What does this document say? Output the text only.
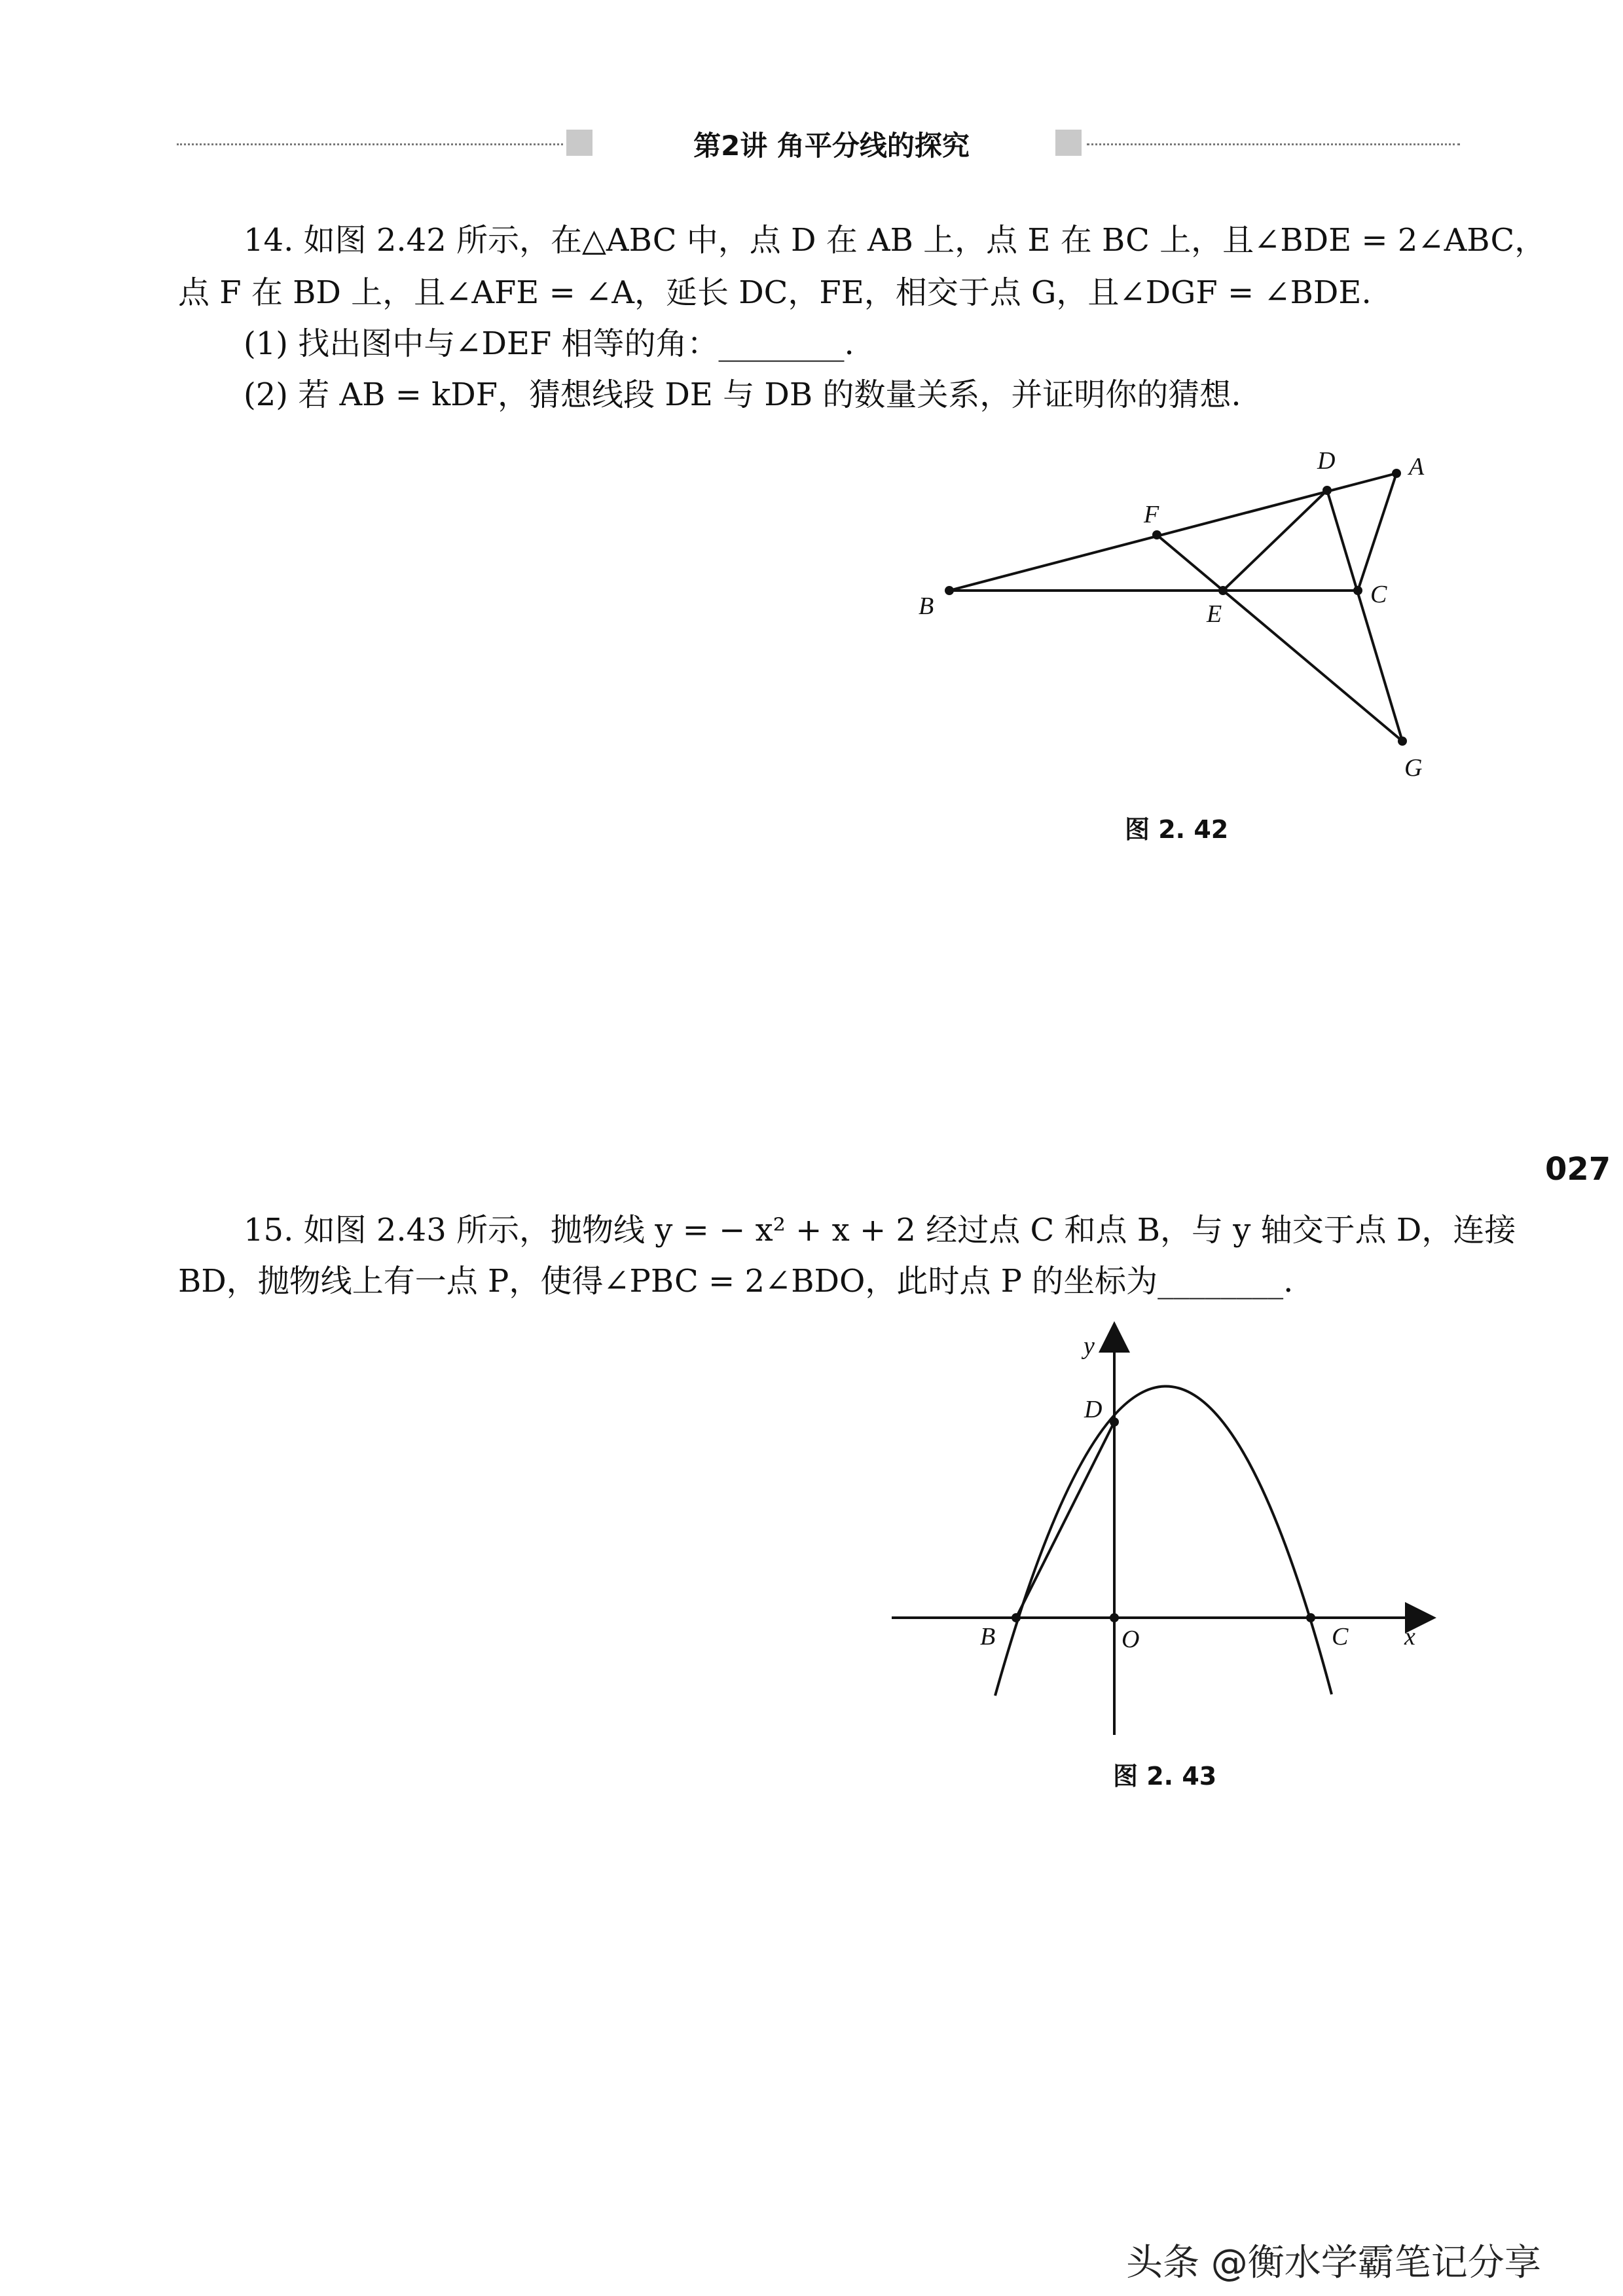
第2讲 角平分线的探究
14. 如图 2.42 所示，在△ABC 中，点 D 在 AB 上，点 E 在 BC 上，且∠BDE = 2∠ABC，
点 F 在 BD 上，且∠AFE = ∠A，延长 DC，FE，相交于点 G，且∠DGF = ∠BDE.
(1) 找出图中与∠DEF 相等的角：________.
(2) 若 AB = kDF，猜想线段 DE 与 DB 的数量关系，并证明你的猜想.
A
D
F
B	E
C
G
图 2. 42
027
15. 如图 2.43 所示，抛物线 y = − x² + x + 2 经过点 C 和点 B，与 y 轴交于点 D，连接
BD，抛物线上有一点 P，使得∠PBC = 2∠BDO，此时点 P 的坐标为________.
y
D
B	O	C x
图 2. 43
头条 @衡水学霸笔记分享
